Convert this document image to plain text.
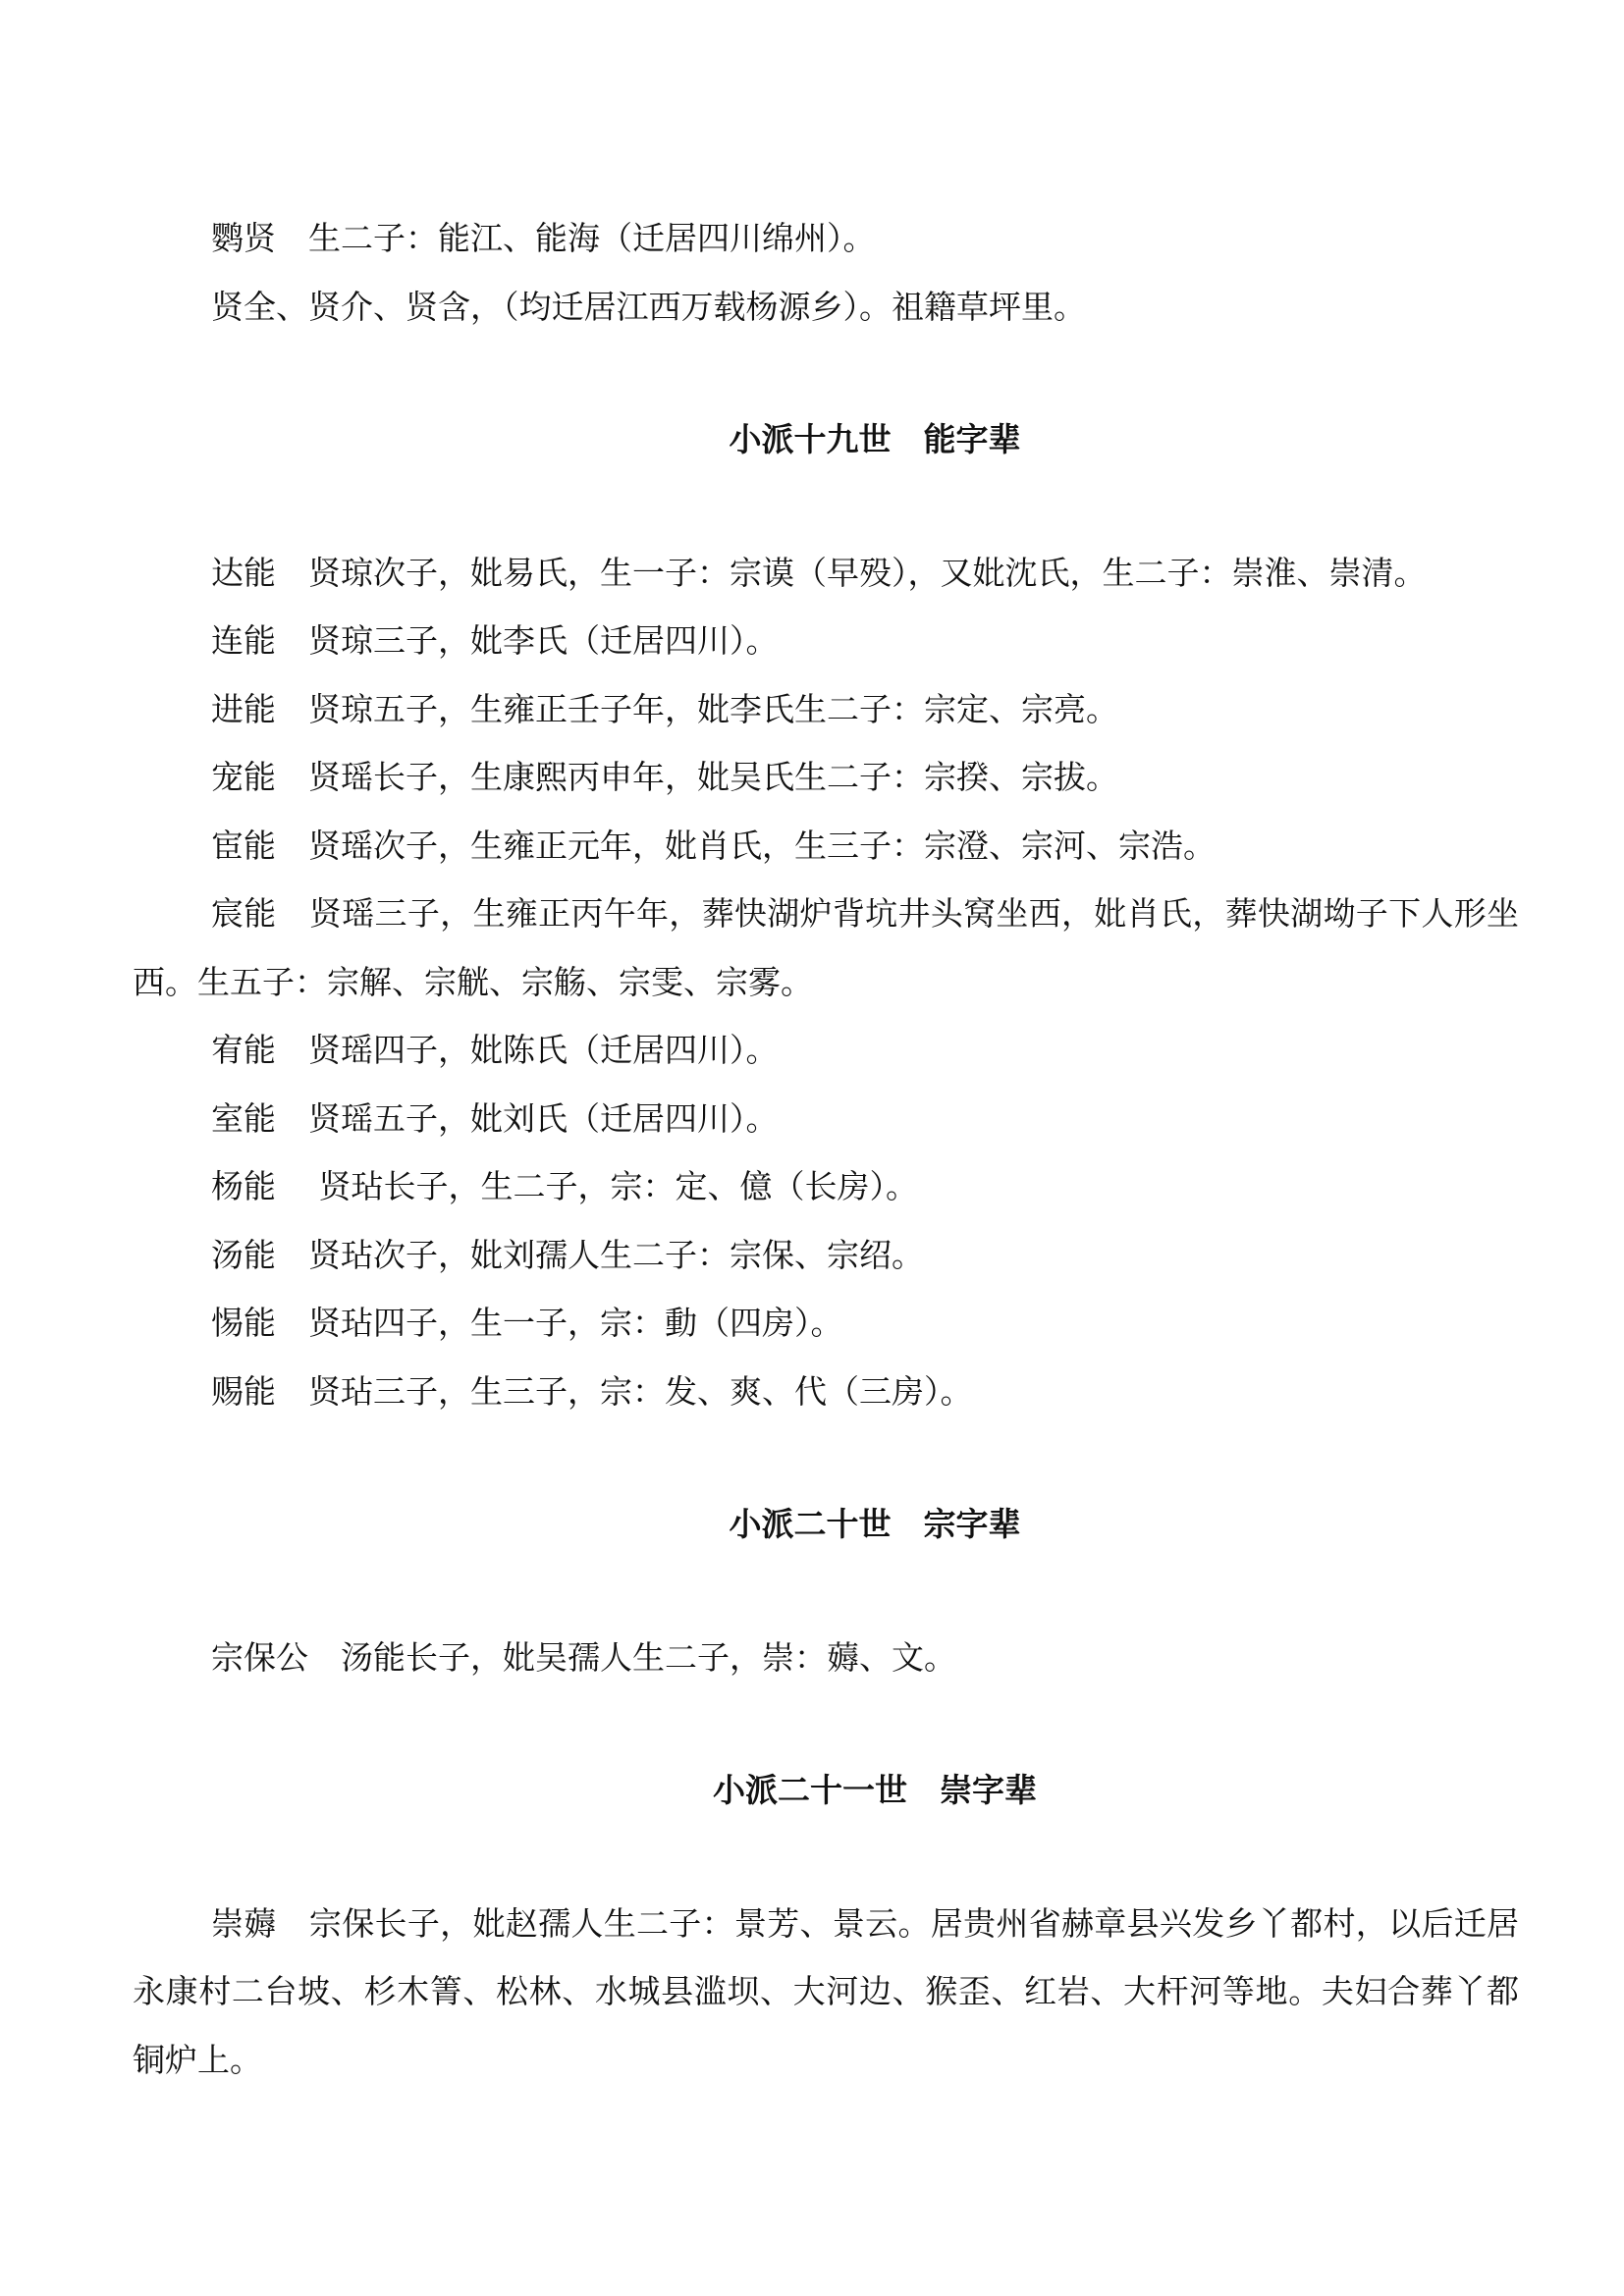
鹦贤　生二子：能江、能海（迁居四川绵州）。

贤全、贤介、贤含，（均迁居江西万载杨源乡）。祖籍草坪里。

小派十九世　能字辈

达能　贤琼次子，妣易氏，生一子：宗谟（早殁），又妣沈氏，生二子：崇淮、崇清。

连能　贤琼三子，妣李氏（迁居四川）。

进能　贤琼五子，生雍正壬子年，妣李氏生二子：宗定、宗亮。

宠能　贤瑶长子，生康熙丙申年，妣吴氏生二子：宗揆、宗拔。

宦能　贤瑶次子，生雍正元年，妣肖氏，生三子：宗澄、宗河、宗浩。

宸能　贤瑶三子，生雍正丙午年，葬快湖炉背坑井头窝坐西，妣肖氏，葬快湖坳子下人形坐西。生五子：宗解、宗觥、宗觞、宗雯、宗雾。

宥能　贤瑶四子，妣陈氏（迁居四川）。

室能　贤瑶五子，妣刘氏（迁居四川）。

杨能　 贤玷长子，生二子，宗：定、億（长房）。

汤能　贤玷次子，妣刘孺人生二子：宗保、宗绍。

惕能　贤玷四子，生一子，宗：動（四房）。

赐能　贤玷三子，生三子，宗：发、爽、代（三房）。

小派二十世　宗字辈

宗保公　汤能长子，妣吴孺人生二子，崇：薅、文。

小派二十一世　崇字辈

崇薅　宗保长子，妣赵孺人生二子：景芳、景云。居贵州省赫章县兴发乡丫都村，以后迁居永康村二台坡、杉木箐、松林、水城县滥坝、大河边、猴歪、红岩、大杆河等地。夫妇合葬丫都铜炉上。
